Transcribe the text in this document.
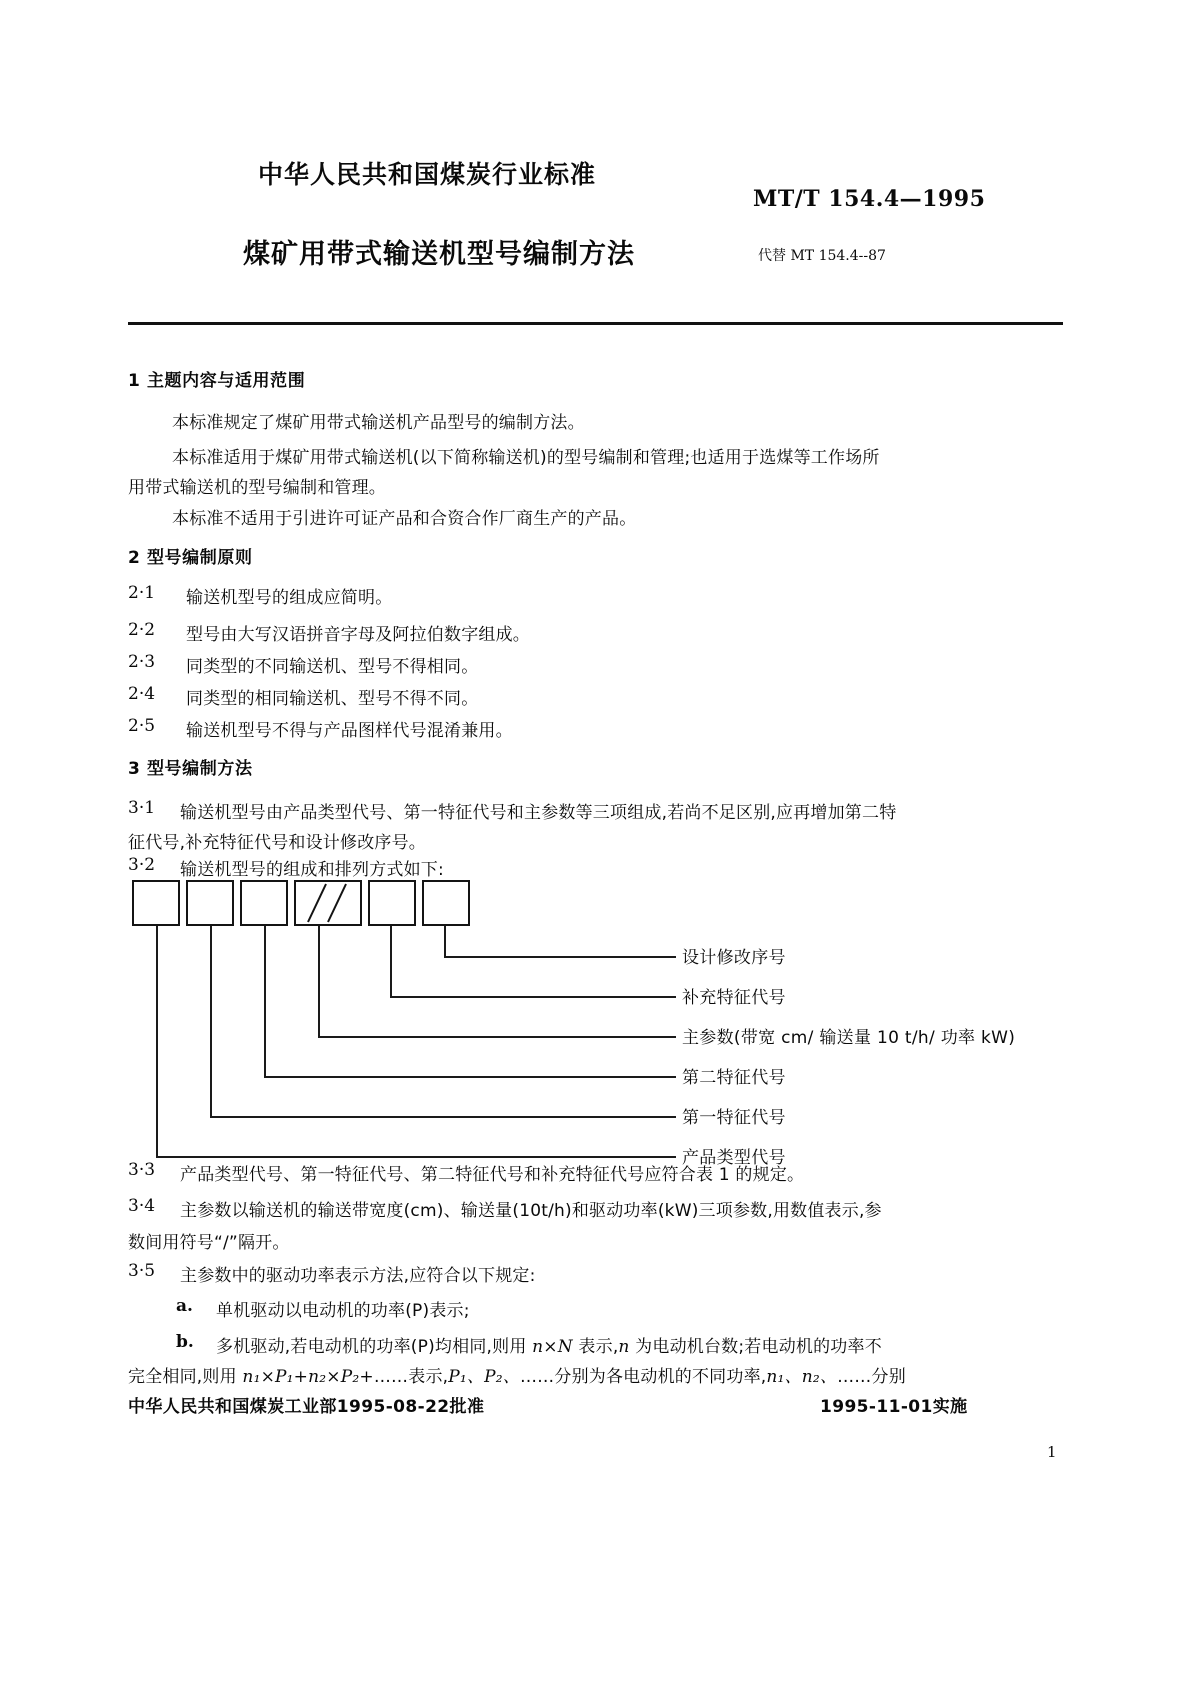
中华人民共和国煤炭行业标准
MT/T 154.4—1995
煤矿用带式输送机型号编制方法	代替 MT 154.4--87
1 主题内容与适用范围
本标准规定了煤矿用带式输送机产品型号的编制方法。
本标准适用于煤矿用带式输送机(以下简称输送机)的型号编制和管理;也适用于选煤等工作场所
用带式输送机的型号编制和管理。
本标准不适用于引进许可证产品和合资合作厂商生产的产品。
2 型号编制原则
2·1 输送机型号的组成应简明。
2·2 型号由大写汉语拼音字母及阿拉伯数字组成。
2·3 同类型的不同输送机、型号不得相同。
2·4 同类型的相同输送机、型号不得不同。
2·5 输送机型号不得与产品图样代号混淆兼用。
3 型号编制方法
3·1 输送机型号由产品类型代号、第一特征代号和主参数等三项组成,若尚不足区别,应再增加第二特
征代号,补充特征代号和设计修改序号。
3·2 输送机型号的组成和排列方式如下:
设计修改序号
补充特征代号
主参数(带宽 cm/ 输送量 10 t/h/ 功率 kW)
第二特征代号
第一特征代号
产品类型代号
3·3 产品类型代号、第一特征代号、第二特征代号和补充特征代号应符合表 1 的规定。
3·4 主参数以输送机的输送带宽度(cm)、输送量(10t/h)和驱动功率(kW)三项参数,用数值表示,参
数间用符号“/”隔开。
3·5 主参数中的驱动功率表示方法,应符合以下规定:
a. 单机驱动以电动机的功率(P)表示;
b. 多机驱动,若电动机的功率(P)均相同,则用 n×N 表示,n 为电动机台数;若电动机的功率不
完全相同,则用 n₁×P₁+n₂×P₂+……表示,P₁、P₂、……分别为各电动机的不同功率,n₁、n₂、……分别
中华人民共和国煤炭工业部1995-08-22批准	1995-11-01实施
1
